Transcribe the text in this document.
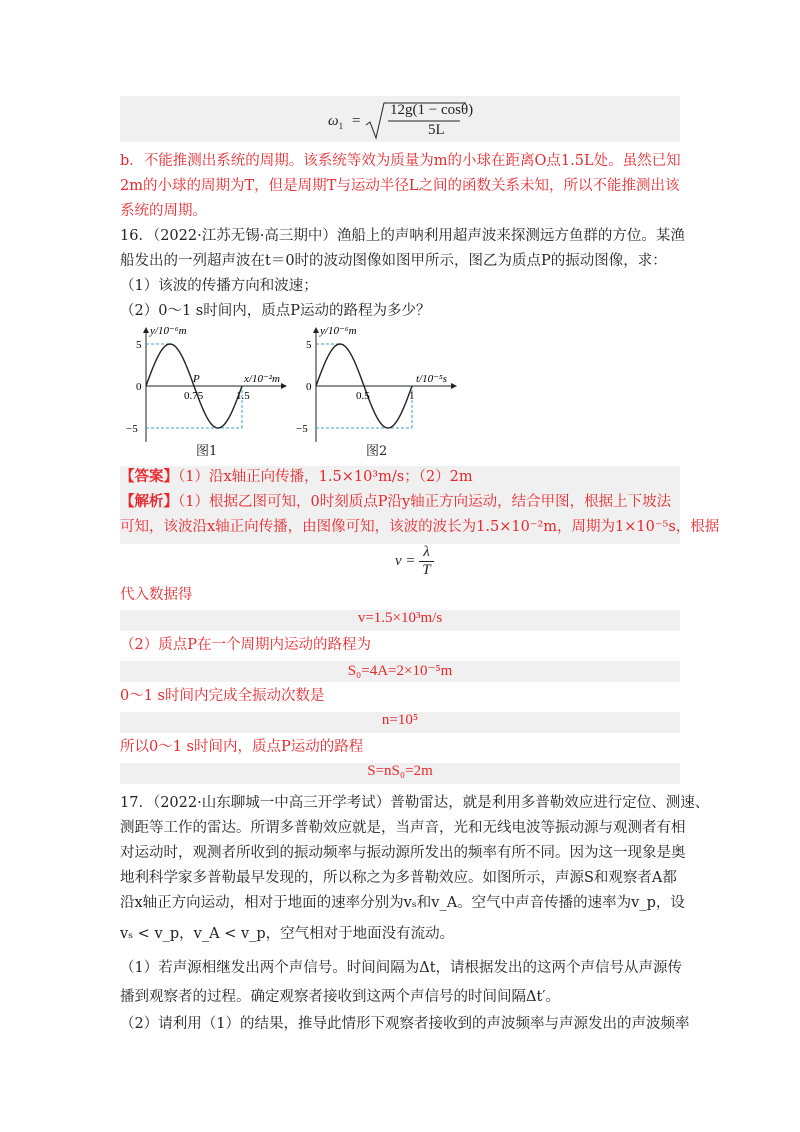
$\omega_1$ =
12g(1 − cosθ)
5L
b．不能推测出系统的周期。该系统等效为质量为m的小球在距离O点1.5L处。虽然已知
2m的小球的周期为T，但是周期T与运动半径L之间的函数关系未知，所以不能推测出该
系统的周期。
16．（2022·江苏无锡·高三期中）渔船上的声呐利用超声波来探测远方鱼群的方位。某渔
船发出的一列超声波在t＝0时的波动图像如图甲所示，图乙为质点P的振动图像，求：
（1）该波的传播方向和波速；
（2）0～1 s时间内，质点P运动的路程为多少？
y/10⁻⁶m
x/10⁻²m
5
0
−5
0.75	1.5
P
图1
y/10⁻⁶m
t/10⁻⁵s
5
0
−5
0.5	1
图2
【答案】（1）沿x轴正向传播，1.5×10³m/s；（2）2m
【解析】（1）根据乙图可知，0时刻质点P沿y轴正方向运动，结合甲图，根据上下坡法
可知，该波沿x轴正向传播，由图像可知，该波的波长为1.5×10⁻²m，周期为1×10⁻⁵s，根据
$v = \frac{\lambda}{T}$
代入数据得
v=1.5×10³m/s
（2）质点P在一个周期内运动的路程为
S₀=4A=2×10⁻⁵m
0～1 s时间内完成全振动次数是
n=10⁵
所以0～1 s时间内，质点P运动的路程
S=nS₀=2m
17．（2022·山东聊城一中高三开学考试）普勒雷达，就是利用多普勒效应进行定位、测速、
测距等工作的雷达。所谓多普勒效应就是，当声音，光和无线电波等振动源与观测者有相
对运动时，观测者所收到的振动频率与振动源所发出的频率有所不同。因为这一现象是奥
地利科学家多普勒最早发现的，所以称之为多普勒效应。如图所示，声源S和观察者A都
沿x轴正方向运动，相对于地面的速率分别为vₛ和v_A。空气中声音传播的速率为v_p，设
vₛ < v_p，v_A < v_p，空气相对于地面没有流动。
（1）若声源相继发出两个声信号。时间间隔为Δt，请根据发出的这两个声信号从声源传
播到观察者的过程。确定观察者接收到这两个声信号的时间间隔Δt′。
（2）请利用（1）的结果，推导此情形下观察者接收到的声波频率与声源发出的声波频率
